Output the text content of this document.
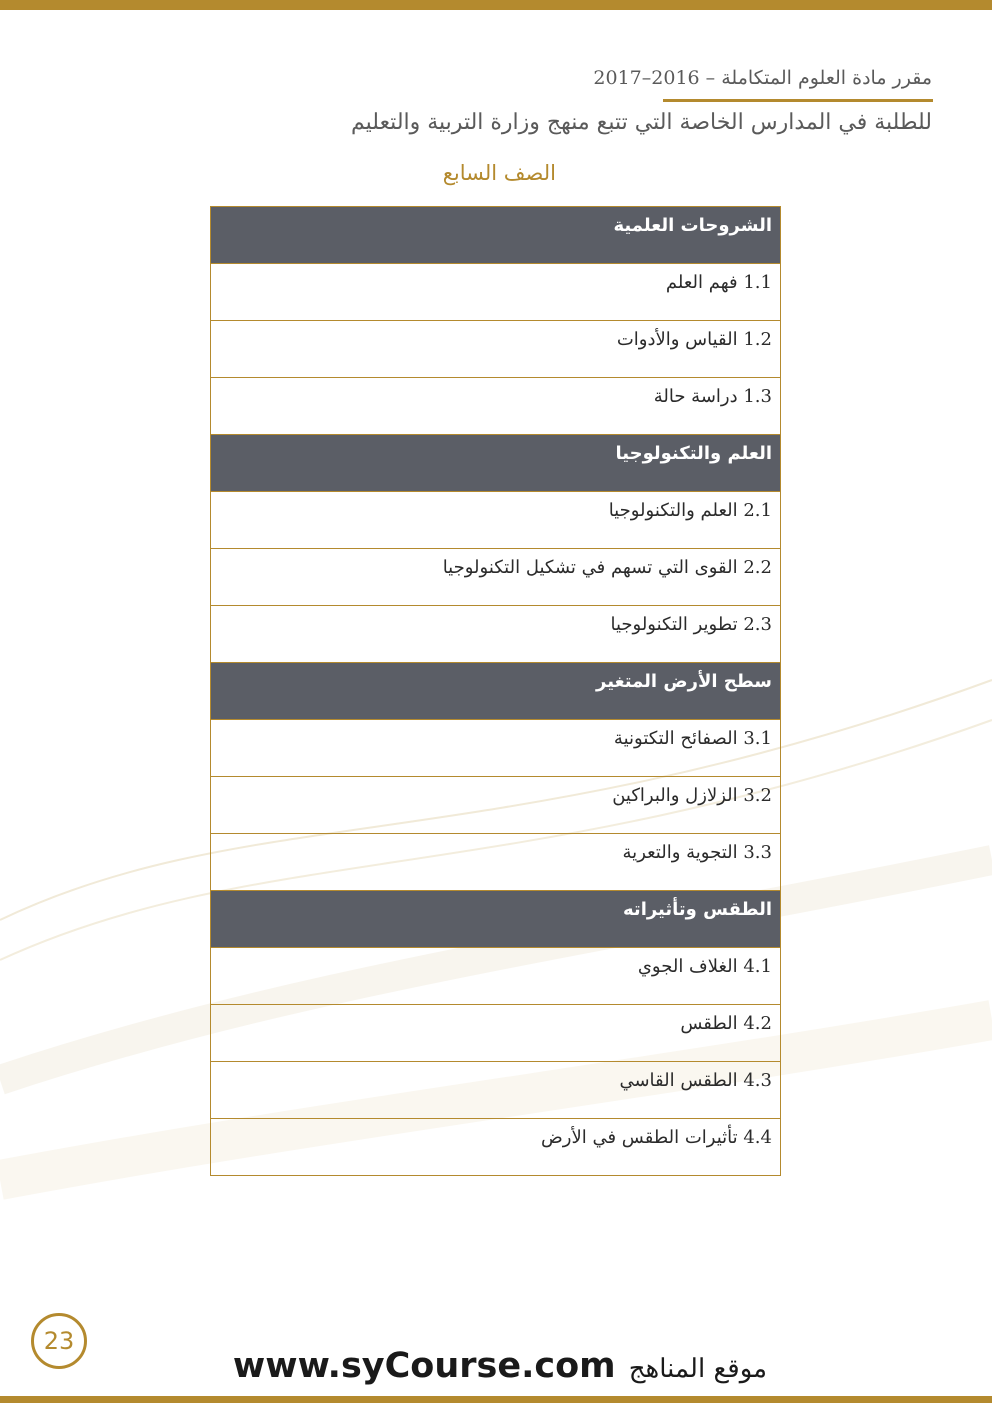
مقرر مادة العلوم المتكاملة – 2016–2017
للطلبة في المدارس الخاصة التي تتبع منهج وزارة التربية والتعليم
الصف السابع
الشروحات العلمية
1.1 فهم العلم
1.2 القياس والأدوات
1.3 دراسة حالة
العلم والتكنولوجيا
2.1 العلم والتكنولوجيا
2.2 القوى التي تسهم في تشكيل التكنولوجيا
2.3 تطوير التكنولوجيا
سطح الأرض المتغير
3.1 الصفائح التكتونية
3.2 الزلازل والبراكين
3.3 التجوية والتعرية
الطقس وتأثيراته
4.1 الغلاف الجوي
4.2 الطقس
4.3 الطقس القاسي
4.4 تأثيرات الطقس في الأرض
23
موقع المناهج www.syCourse.com
